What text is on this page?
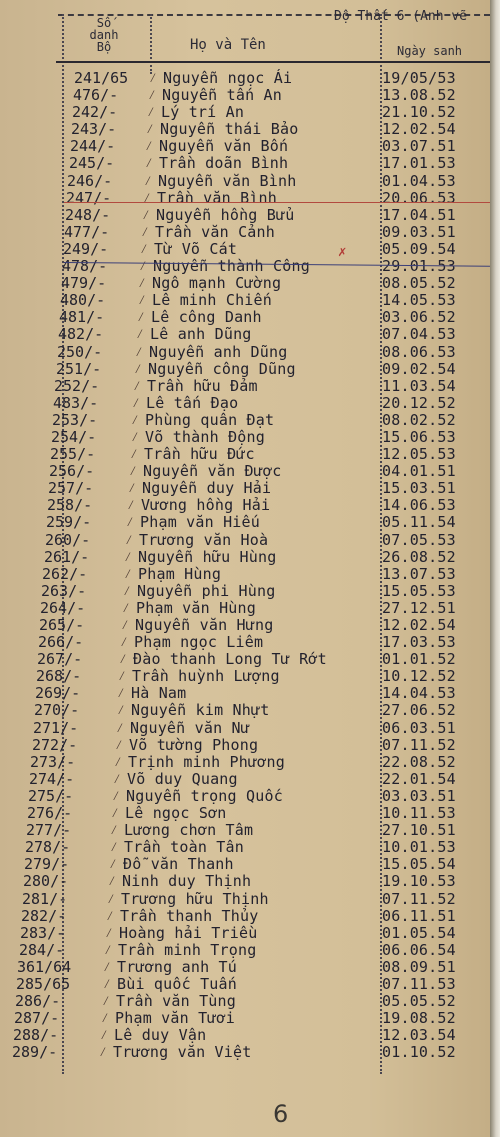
Độ Thất 6 (Anh vẽ
Số danh Bộ	Họ và Tên	Ngày sanh
241/65	⁄ Nguyễn ngọc Ái	19/05/53
476/-	⁄ Nguyễn tấn An	13.08.52
242/-	⁄ Lý trí An	21.10.52
243/-	⁄ Nguyễn thái Bảo	12.02.54
244/-	⁄ Nguyễn văn Bốn	03.07.51
245/-	⁄ Trần doãn Bình	17.01.53
246/-	⁄ Nguyễn văn Bình	01.04.53
247/-	⁄ Trần văn Bình	20.06.53
248/-	⁄ Nguyễn hồng Bửu	17.04.51
477/-	⁄ Trần văn Cảnh	09.03.51
249/-	⁄ Từ Võ Cát	05.09.54
478/-	⁄ Nguyễn thành Công	29.01.53
479/-	⁄ Ngô mạnh Cường	08.05.52
480/-	⁄ Lê minh Chiến	14.05.53
481/-	⁄ Lê công Danh	03.06.52
482/-	⁄ Lê anh Dũng	07.04.53
250/-	⁄ Nguyễn anh Dũng	08.06.53
251/-	⁄ Nguyễn công Dũng	09.02.54
252/-	⁄ Trần hữu Đảm	11.03.54
483/-	⁄ Lê tấn Đạo	20.12.52
253/-	⁄ Phùng quân Đạt	08.02.52
254/-	⁄ Võ thành Động	15.06.53
255/-	⁄ Trần hữu Đức	12.05.53
256/-	⁄ Nguyễn văn Được	04.01.51
257/-	⁄ Nguyễn duy Hải	15.03.51
258/-	⁄ Vương hồng Hải	14.06.53
259/-	⁄ Phạm văn Hiếu	05.11.54
260/-	⁄ Trương văn Hoà	07.05.53
261/-	⁄ Nguyễn hữu Hùng	26.08.52
262/-	⁄ Phạm Hùng	13.07.53
263/-	⁄ Nguyễn phi Hùng	15.05.53
264/-	⁄ Phạm văn Hùng	27.12.51
265/-	⁄ Nguyễn văn Hưng	12.02.54
266/-	⁄ Phạm ngọc Liêm	17.03.53
267/-	⁄ Đào thanh Long Tư Rớt	01.01.52
268/-	⁄ Trần huỳnh Lượng	10.12.52
269/-	⁄ Hà Nam	14.04.53
270/-	⁄ Nguyễn kim Nhựt	27.06.52
271/-	⁄ Nguyễn văn Nư	06.03.51
272/-	⁄ Võ tường Phong	07.11.52
273/-	⁄ Trịnh minh Phương	22.08.52
274/-	⁄ Võ duy Quang	22.01.54
275/-	⁄ Nguyễn trọng Quốc	03.03.51
276/-	⁄ Lê ngọc Sơn	10.11.53
277/-	⁄ Lương chơn Tâm	27.10.51
278/-	⁄ Trần toàn Tân	10.01.53
279/-	⁄ Đỗ văn Thanh	15.05.54
280/-	⁄ Ninh duy Thịnh	19.10.53
281/-	⁄ Trương hữu Thịnh	07.11.52
282/-	⁄ Trần thanh Thủy	06.11.51
283/-	⁄ Hoàng hải Triều	01.05.54
284/-	⁄ Trần minh Trọng	06.06.54
361/64	⁄ Trương anh Tú	08.09.51
285/65	⁄ Bùi quốc Tuấn	07.11.53
286/-	⁄ Trần văn Tùng	05.05.52
287/-	⁄ Phạm văn Tươi	19.08.52
288/-	⁄ Lê duy Vận	12.03.54
289/-	⁄ Trương văn Việt	01.10.52
✗
6
